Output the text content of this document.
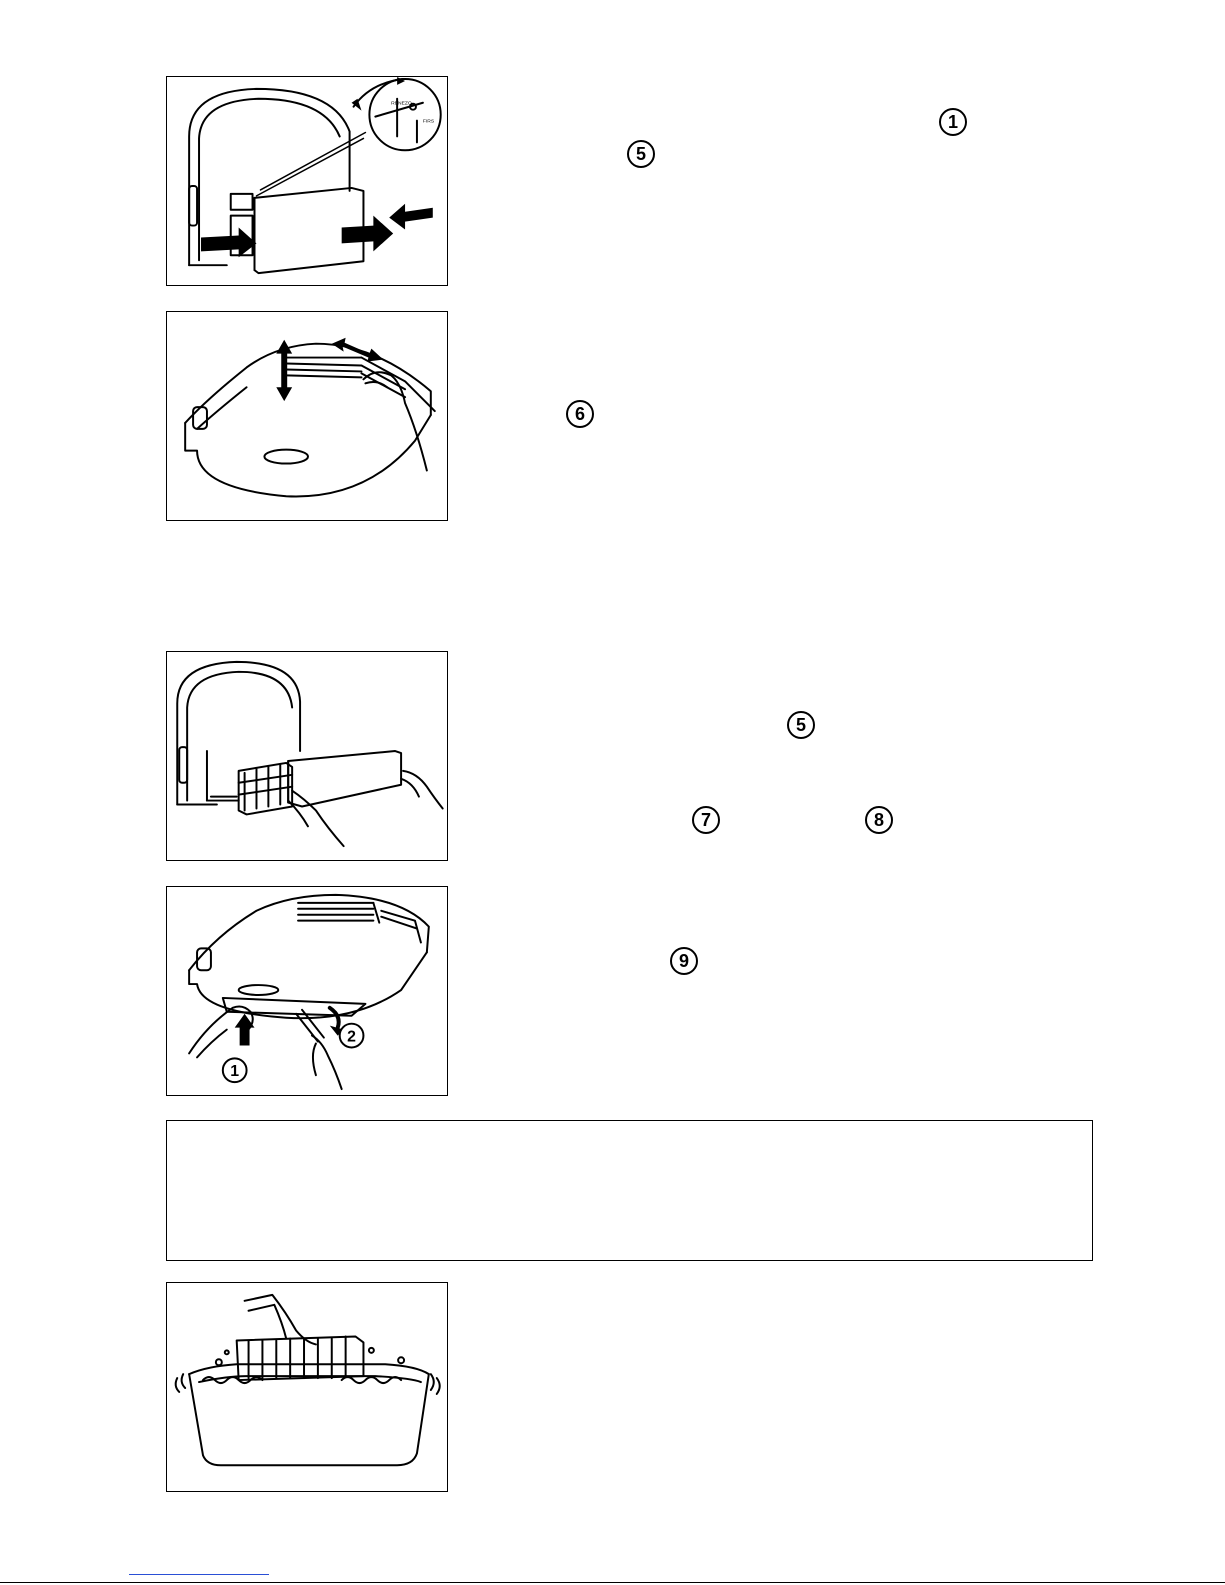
RENEZO
FIRS	1
5
6
5
7	8
1
2
9
